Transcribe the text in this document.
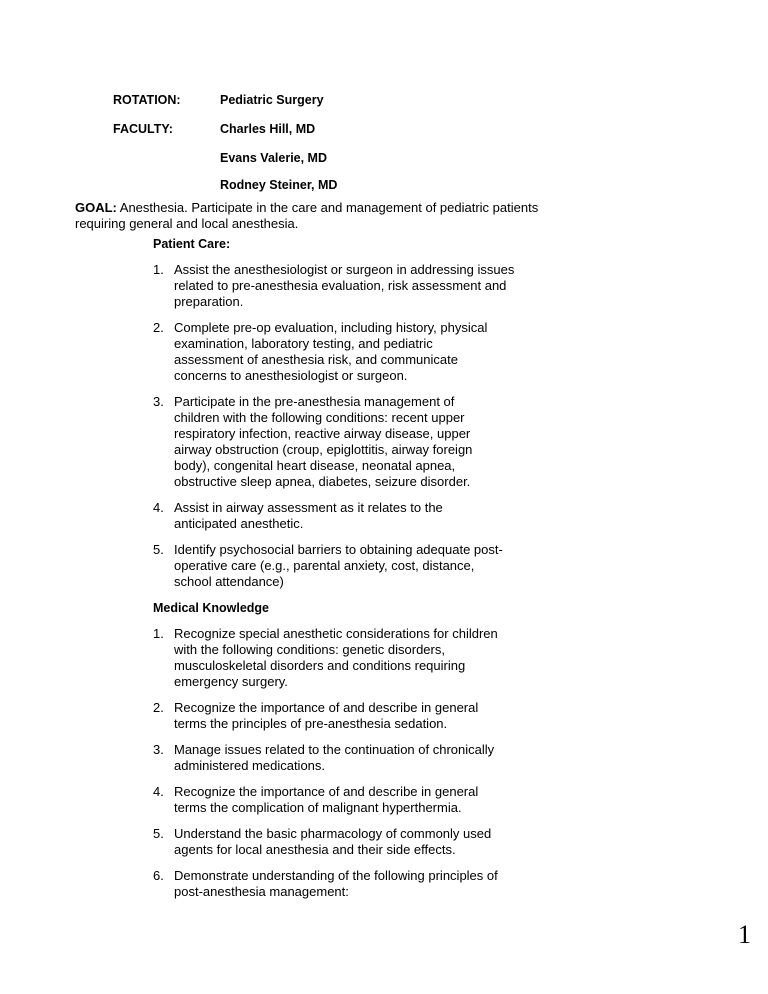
ROTATION:	Pediatric Surgery
FACULTY:	Charles Hill, MD
Evans Valerie, MD
Rodney Steiner, MD
GOAL: Anesthesia. Participate in the care and management of pediatric patients
requiring general and local anesthesia.
Patient Care:
1. Assist the anesthesiologist or surgeon in addressing issues
related to pre-anesthesia evaluation, risk assessment and
preparation.
2. Complete pre-op evaluation, including history, physical
examination, laboratory testing, and pediatric
assessment of anesthesia risk, and communicate
concerns to anesthesiologist or surgeon.
3. Participate in the pre-anesthesia management of
children with the following conditions: recent upper
respiratory infection, reactive airway disease, upper
airway obstruction (croup, epiglottitis, airway foreign
body), congenital heart disease, neonatal apnea,
obstructive sleep apnea, diabetes, seizure disorder.
4. Assist in airway assessment as it relates to the
anticipated anesthetic.
5. Identify psychosocial barriers to obtaining adequate post-
operative care (e.g., parental anxiety, cost, distance,
school attendance)
Medical Knowledge
1. Recognize special anesthetic considerations for children
with the following conditions: genetic disorders,
musculoskeletal disorders and conditions requiring
emergency surgery.
2. Recognize the importance of and describe in general
terms the principles of pre-anesthesia sedation.
3. Manage issues related to the continuation of chronically
administered medications.
4. Recognize the importance of and describe in general
terms the complication of malignant hyperthermia.
5. Understand the basic pharmacology of commonly used
agents for local anesthesia and their side effects.
6. Demonstrate understanding of the following principles of
post-anesthesia management:
1
